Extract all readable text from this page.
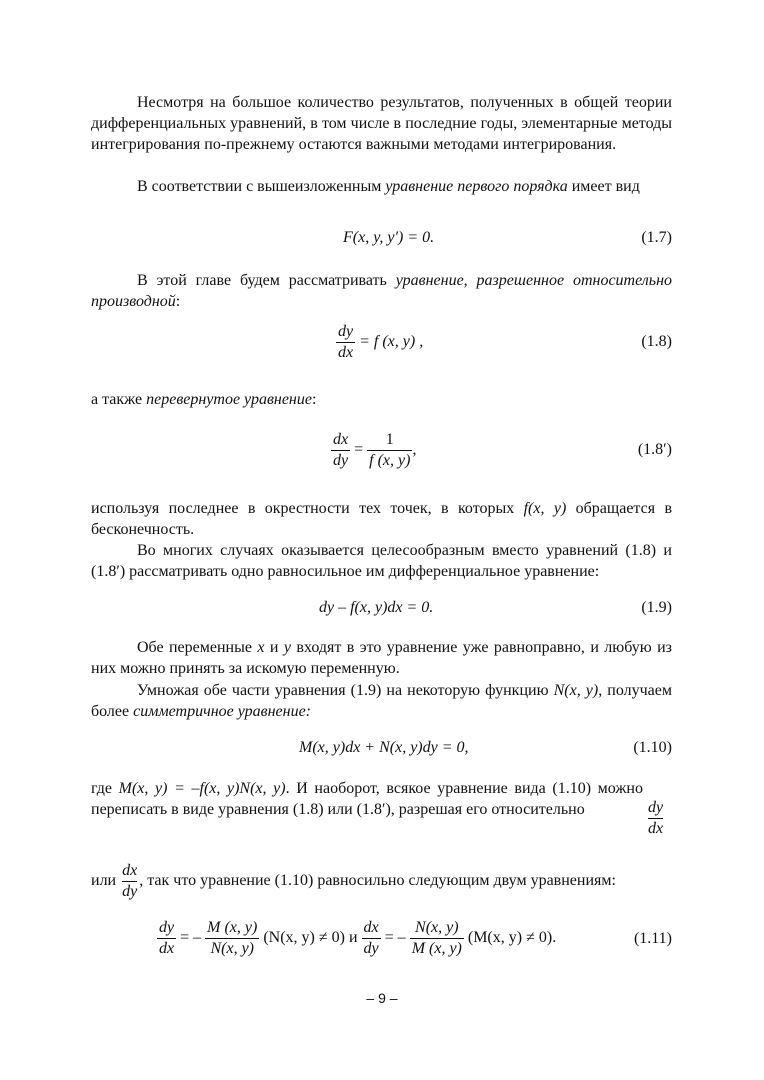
Несмотря на большое количество результатов, полученных в общей теории дифференциальных уравнений, в том числе в последние годы, элементарные методы интегрирования по-прежнему остаются важными методами интегрирования.
В соответствии с вышеизложенным уравнение первого порядка имеет вид
F(x, y, y′) = 0.	(1.7)
В этой главе будем рассматривать уравнение, разрешенное относительно производной:
$\frac{dy}{dx} = f$ (x, y) ,	(1.8)
а также перевернутое уравнение:
$\frac{dx}{dy} = \frac{1}{f (x, y)}$ ,	(1.8′)
используя последнее в окрестности тех точек, в которых f(x, y) обращается в бесконечность.
Во многих случаях оказывается целесообразным вместо уравнений (1.8) и (1.8′) рассматривать одно равносильное им дифференциальное уравнение:
dy – f(x, y)dx = 0.	(1.9)
Обе переменные x и y входят в это уравнение уже равноправно, и любую из них можно принять за искомую переменную.
Умножая обе части уравнения (1.9) на некоторую функцию N(x, y), получаем более симметричное уравнение:
M(x, y)dx + N(x, y)dy = 0,	(1.10)
где M(x, y) = –f(x, y)N(x, y). И наоборот, всякое уравнение вида (1.10) можно переписать в виде уравнения (1.8) или (1.8′), разрешая его относительно	$\frac{dy}{dx}$
или $\frac{dx}{dy}$ , так что уравнение (1.10) равносильно следующим двум уравнениям:
$\frac{dy}{dx}$ = – $\frac{M (x, y)}{N(x, y)} (N(x$, y) ≠ 0) и $\frac{dx}{dy}$ = – $\frac{N(x, y)}{M (x, y)} (M(x$, y) ≠ 0).	(1.11)
– 9 –
